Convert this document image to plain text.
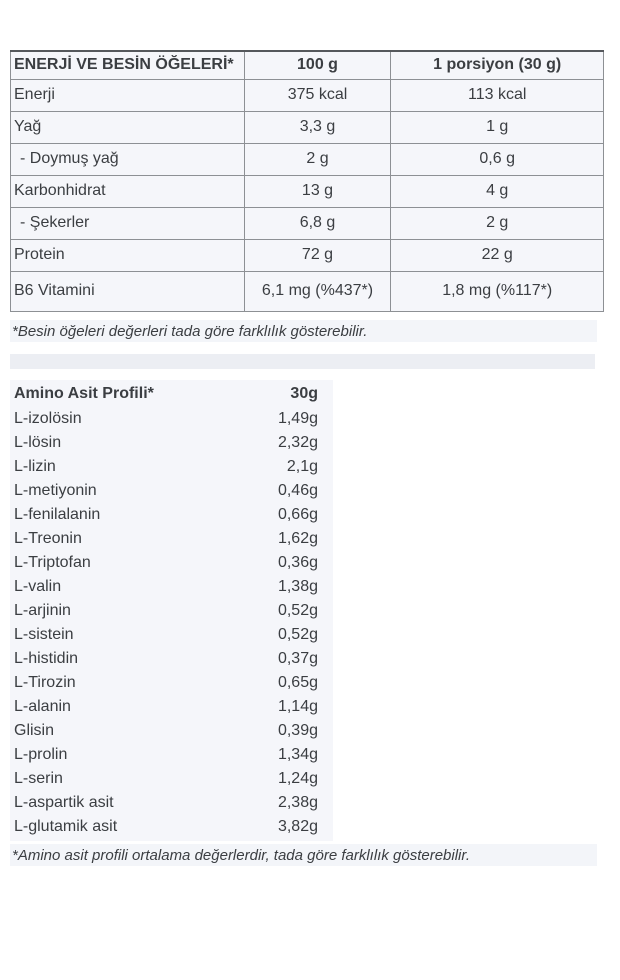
ENERJİ VE BESİN ÖĞELERİ*	100 g	1 porsiyon (30 g)
Enerji	375 kcal	113 kcal
Yağ	3,3 g	1 g
- Doymuş yağ	2 g	0,6 g
Karbonhidrat	13 g	4 g
- Şekerler	6,8 g	2 g
Protein	72 g	22 g
B6 Vitamini	6,1 mg (%437*)	1,8 mg (%117*)
*Besin öğeleri değerleri tada göre farklılık gösterebilir.
Amino Asit Profili*	30g
L-izolösin	1,49g
L-lösin	2,32g
L-lizin	2,1g
L-metiyonin	0,46g
L-fenilalanin	0,66g
L-Treonin	1,62g
L-Triptofan	0,36g
L-valin	1,38g
L-arjinin	0,52g
L-sistein	0,52g
L-histidin	0,37g
L-Tirozin	0,65g
L-alanin	1,14g
Glisin	0,39g
L-prolin	1,34g
L-serin	1,24g
L-aspartik asit	2,38g
L-glutamik asit	3,82g
*Amino asit profili ortalama değerlerdir, tada göre farklılık gösterebilir.
